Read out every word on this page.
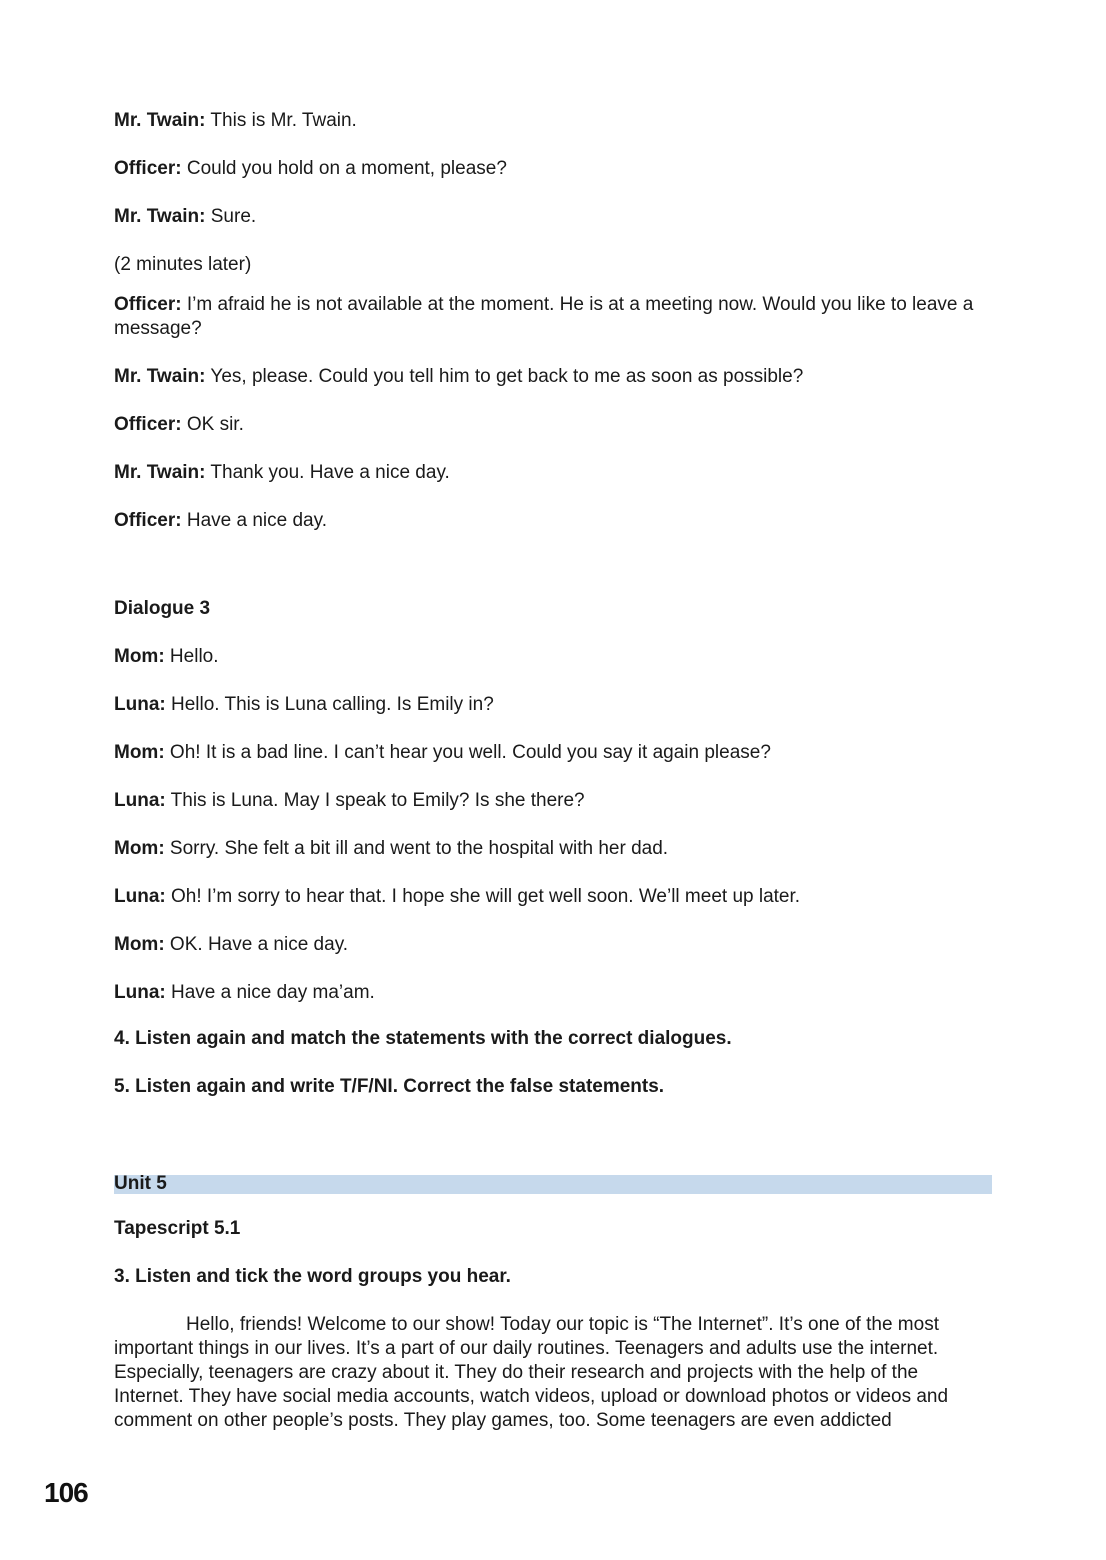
Mr. Twain: This is Mr. Twain.
Officer: Could you hold on a moment, please?
Mr. Twain: Sure.
(2 minutes later)
Officer: I’m afraid he is not available at the moment. He is at a meeting now. Would you like to leave a message?
Mr. Twain: Yes, please. Could you tell him to get back to me as soon as possible?
Officer: OK sir.
Mr. Twain: Thank you. Have a nice day.
Officer: Have a nice day.
Dialogue 3
Mom: Hello.
Luna: Hello. This is Luna calling. Is Emily in?
Mom: Oh! It is a bad line. I can’t hear you well. Could you say it again please?
Luna: This is Luna. May I speak to Emily? Is she there?
Mom: Sorry. She felt a bit ill and went to the hospital with her dad.
Luna: Oh! I’m sorry to hear that. I hope she will get well soon. We’ll meet up later.
Mom: OK. Have a nice day.
Luna: Have a nice day ma’am.
4. Listen again and match the statements with the correct dialogues.
5. Listen again and write T/F/NI. Correct the false statements.
Unit 5
Tapescript 5.1
3. Listen and tick the word groups you hear.
Hello, friends! Welcome to our show! Today our topic is “The Internet”. It’s one of the most important things in our lives. It’s a part of our daily routines. Teenagers and adults use the internet. Especially, teenagers are crazy about it. They do their research and projects with the help of the Internet. They have social media accounts, watch videos, upload or download photos or videos and comment on other people’s posts. They play games, too. Some teenagers are even addicted
106
